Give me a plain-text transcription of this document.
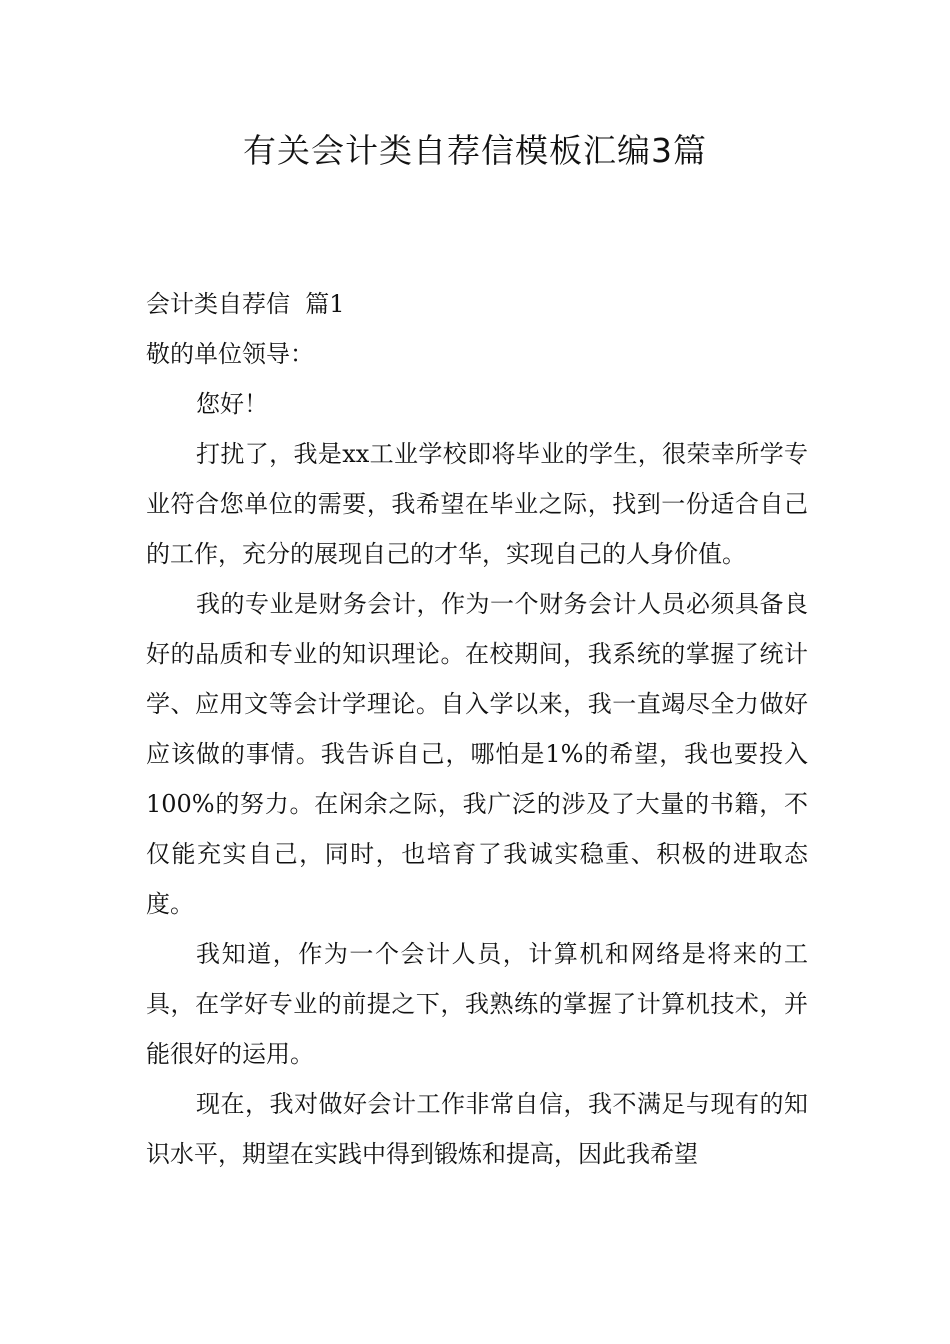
有关会计类自荐信模板汇编3篇

会计类自荐信  篇1

敬的单位领导：

您好！

打扰了，我是xx工业学校即将毕业的学生，很荣幸所学专业符合您单位的需要，我希望在毕业之际，找到一份适合自己的工作，充分的展现自己的才华，实现自己的人身价值。

我的专业是财务会计，作为一个财务会计人员必须具备良好的品质和专业的知识理论。在校期间，我系统的掌握了统计学、应用文等会计学理论。自入学以来，我一直竭尽全力做好应该做的事情。我告诉自己，哪怕是1%的希望，我也要投入100%的努力。在闲余之际，我广泛的涉及了大量的书籍，不仅能充实自己，同时，也培育了我诚实稳重、积极的进取态度。

我知道，作为一个会计人员，计算机和网络是将来的工具，在学好专业的前提之下，我熟练的掌握了计算机技术，并能很好的运用。

现在，我对做好会计工作非常自信，我不满足与现有的知识水平，期望在实践中得到锻炼和提高，因此我希望
